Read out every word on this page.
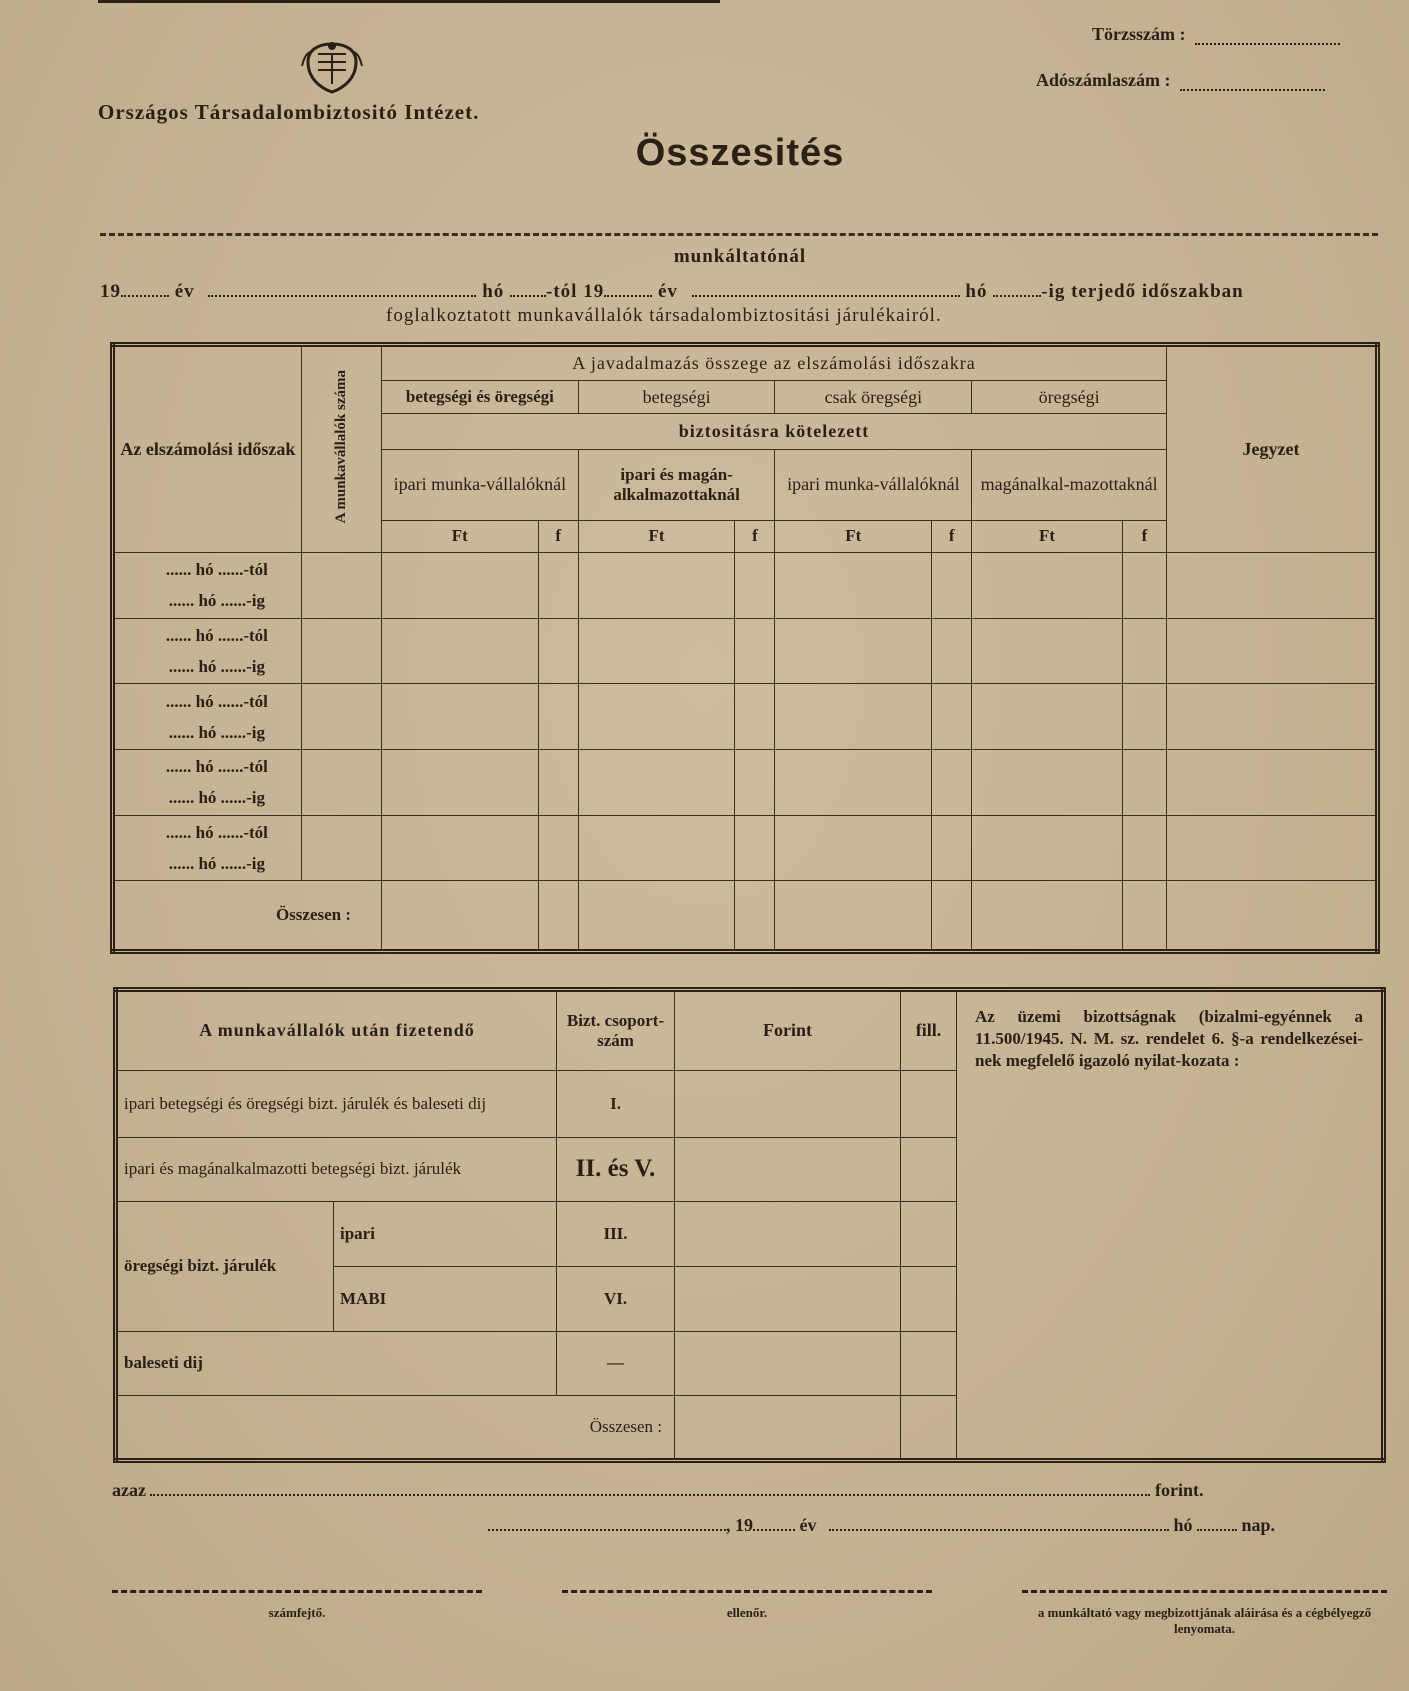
Országos Társadalombiztositó Intézet.
Törzsszám :
Adószámlaszám :
Összesités
munkáltatónál
19	év	hó -tól 19	év	hó	-ig terjedő időszakban
foglalkoztatott munkavállalók társadalombiztositási járulékairól.
Az elszámolási időszak	A munkavállalók száma	A javadalmazás összege az elszámolási időszakra								Jegyzet
		betegségi és öregségi		betegségi		csak öregségi		öregségi		
		biztositásra kötelezett								
		ipari munka-vállalóknál		ipari és magán-alkalmazottaknál		ipari munka-vállalóknál		magánalkal-mazottaknál		
		Ft	f	Ft	f	Ft	f	Ft	f	

...... hó ......-tól
...... hó ......-ig										

...... hó ......-tól
...... hó ......-ig										

...... hó ......-tól
...... hó ......-ig										

...... hó ......-tól
...... hó ......-ig										

...... hó ......-tól
...... hó ......-ig										

Összesen :										
A munkavállalók után fizetendő		Bizt. csoport-szám	Forint	fill.	Az üzemi bizottságnak (bizalmi-egyénnek a 11.500/1945. N. M. sz. rendelet 6. §-a rendelkezései-nek megfelelő igazoló nyilat-kozata :
ipari betegségi és öregségi bizt. járulék és baleseti dij		I.			
ipari és magánalkalmazotti betegségi bizt. járulék		II. és V.			
öregségi bizt. járulék	ipari	III.			
	MABI	VI.			
baleseti dij		—			
Összesen :					
azaz	forint.
, 19	év	hó	nap.
számfejtő.	ellenőr.	a munkáltató vagy megbizottjának aláirása és a cégbélyegző lenyomata.
